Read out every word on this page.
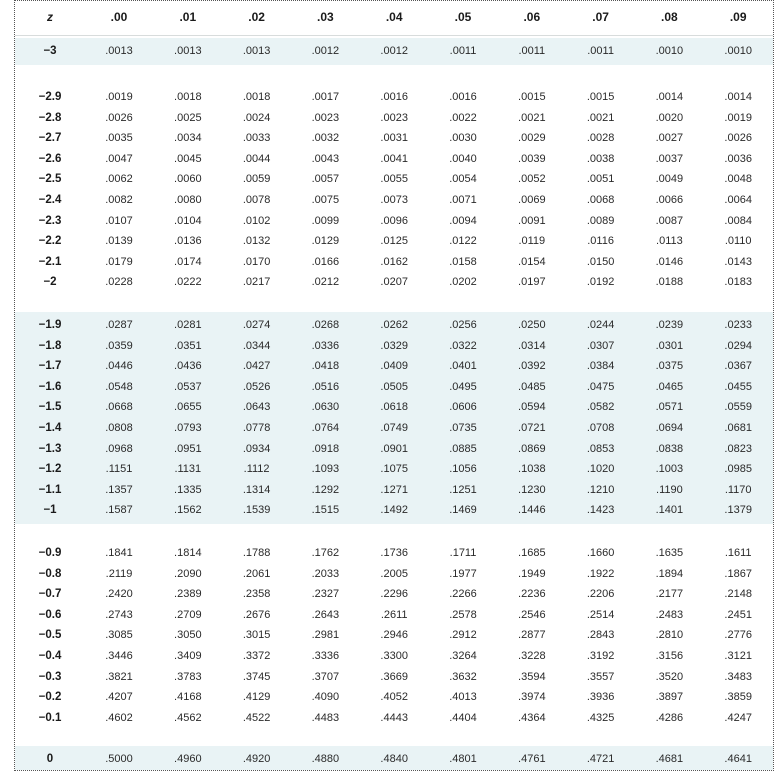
z	.00	.01	.02	.03	.04	.05	.06	.07	.08	.09
−3	.0013	.0013	.0013	.0012	.0012	.0011	.0011	.0011	.0010	.0010
−2.9	.0019	.0018	.0018	.0017	.0016	.0016	.0015	.0015	.0014	.0014
−2.8	.0026	.0025	.0024	.0023	.0023	.0022	.0021	.0021	.0020	.0019
−2.7	.0035	.0034	.0033	.0032	.0031	.0030	.0029	.0028	.0027	.0026
−2.6	.0047	.0045	.0044	.0043	.0041	.0040	.0039	.0038	.0037	.0036
−2.5	.0062	.0060	.0059	.0057	.0055	.0054	.0052	.0051	.0049	.0048
−2.4	.0082	.0080	.0078	.0075	.0073	.0071	.0069	.0068	.0066	.0064
−2.3	.0107	.0104	.0102	.0099	.0096	.0094	.0091	.0089	.0087	.0084
−2.2	.0139	.0136	.0132	.0129	.0125	.0122	.0119	.0116	.0113	.0110
−2.1	.0179	.0174	.0170	.0166	.0162	.0158	.0154	.0150	.0146	.0143
−2	.0228	.0222	.0217	.0212	.0207	.0202	.0197	.0192	.0188	.0183
−1.9	.0287	.0281	.0274	.0268	.0262	.0256	.0250	.0244	.0239	.0233
−1.8	.0359	.0351	.0344	.0336	.0329	.0322	.0314	.0307	.0301	.0294
−1.7	.0446	.0436	.0427	.0418	.0409	.0401	.0392	.0384	.0375	.0367
−1.6	.0548	.0537	.0526	.0516	.0505	.0495	.0485	.0475	.0465	.0455
−1.5	.0668	.0655	.0643	.0630	.0618	.0606	.0594	.0582	.0571	.0559
−1.4	.0808	.0793	.0778	.0764	.0749	.0735	.0721	.0708	.0694	.0681
−1.3	.0968	.0951	.0934	.0918	.0901	.0885	.0869	.0853	.0838	.0823
−1.2	.1151	.1131	.1112	.1093	.1075	.1056	.1038	.1020	.1003	.0985
−1.1	.1357	.1335	.1314	.1292	.1271	.1251	.1230	.1210	.1190	.1170
−1	.1587	.1562	.1539	.1515	.1492	.1469	.1446	.1423	.1401	.1379
−0.9	.1841	.1814	.1788	.1762	.1736	.1711	.1685	.1660	.1635	.1611
−0.8	.2119	.2090	.2061	.2033	.2005	.1977	.1949	.1922	.1894	.1867
−0.7	.2420	.2389	.2358	.2327	.2296	.2266	.2236	.2206	.2177	.2148
−0.6	.2743	.2709	.2676	.2643	.2611	.2578	.2546	.2514	.2483	.2451
−0.5	.3085	.3050	.3015	.2981	.2946	.2912	.2877	.2843	.2810	.2776
−0.4	.3446	.3409	.3372	.3336	.3300	.3264	.3228	.3192	.3156	.3121
−0.3	.3821	.3783	.3745	.3707	.3669	.3632	.3594	.3557	.3520	.3483
−0.2	.4207	.4168	.4129	.4090	.4052	.4013	.3974	.3936	.3897	.3859
−0.1	.4602	.4562	.4522	.4483	.4443	.4404	.4364	.4325	.4286	.4247
0	.5000	.4960	.4920	.4880	.4840	.4801	.4761	.4721	.4681	.4641
